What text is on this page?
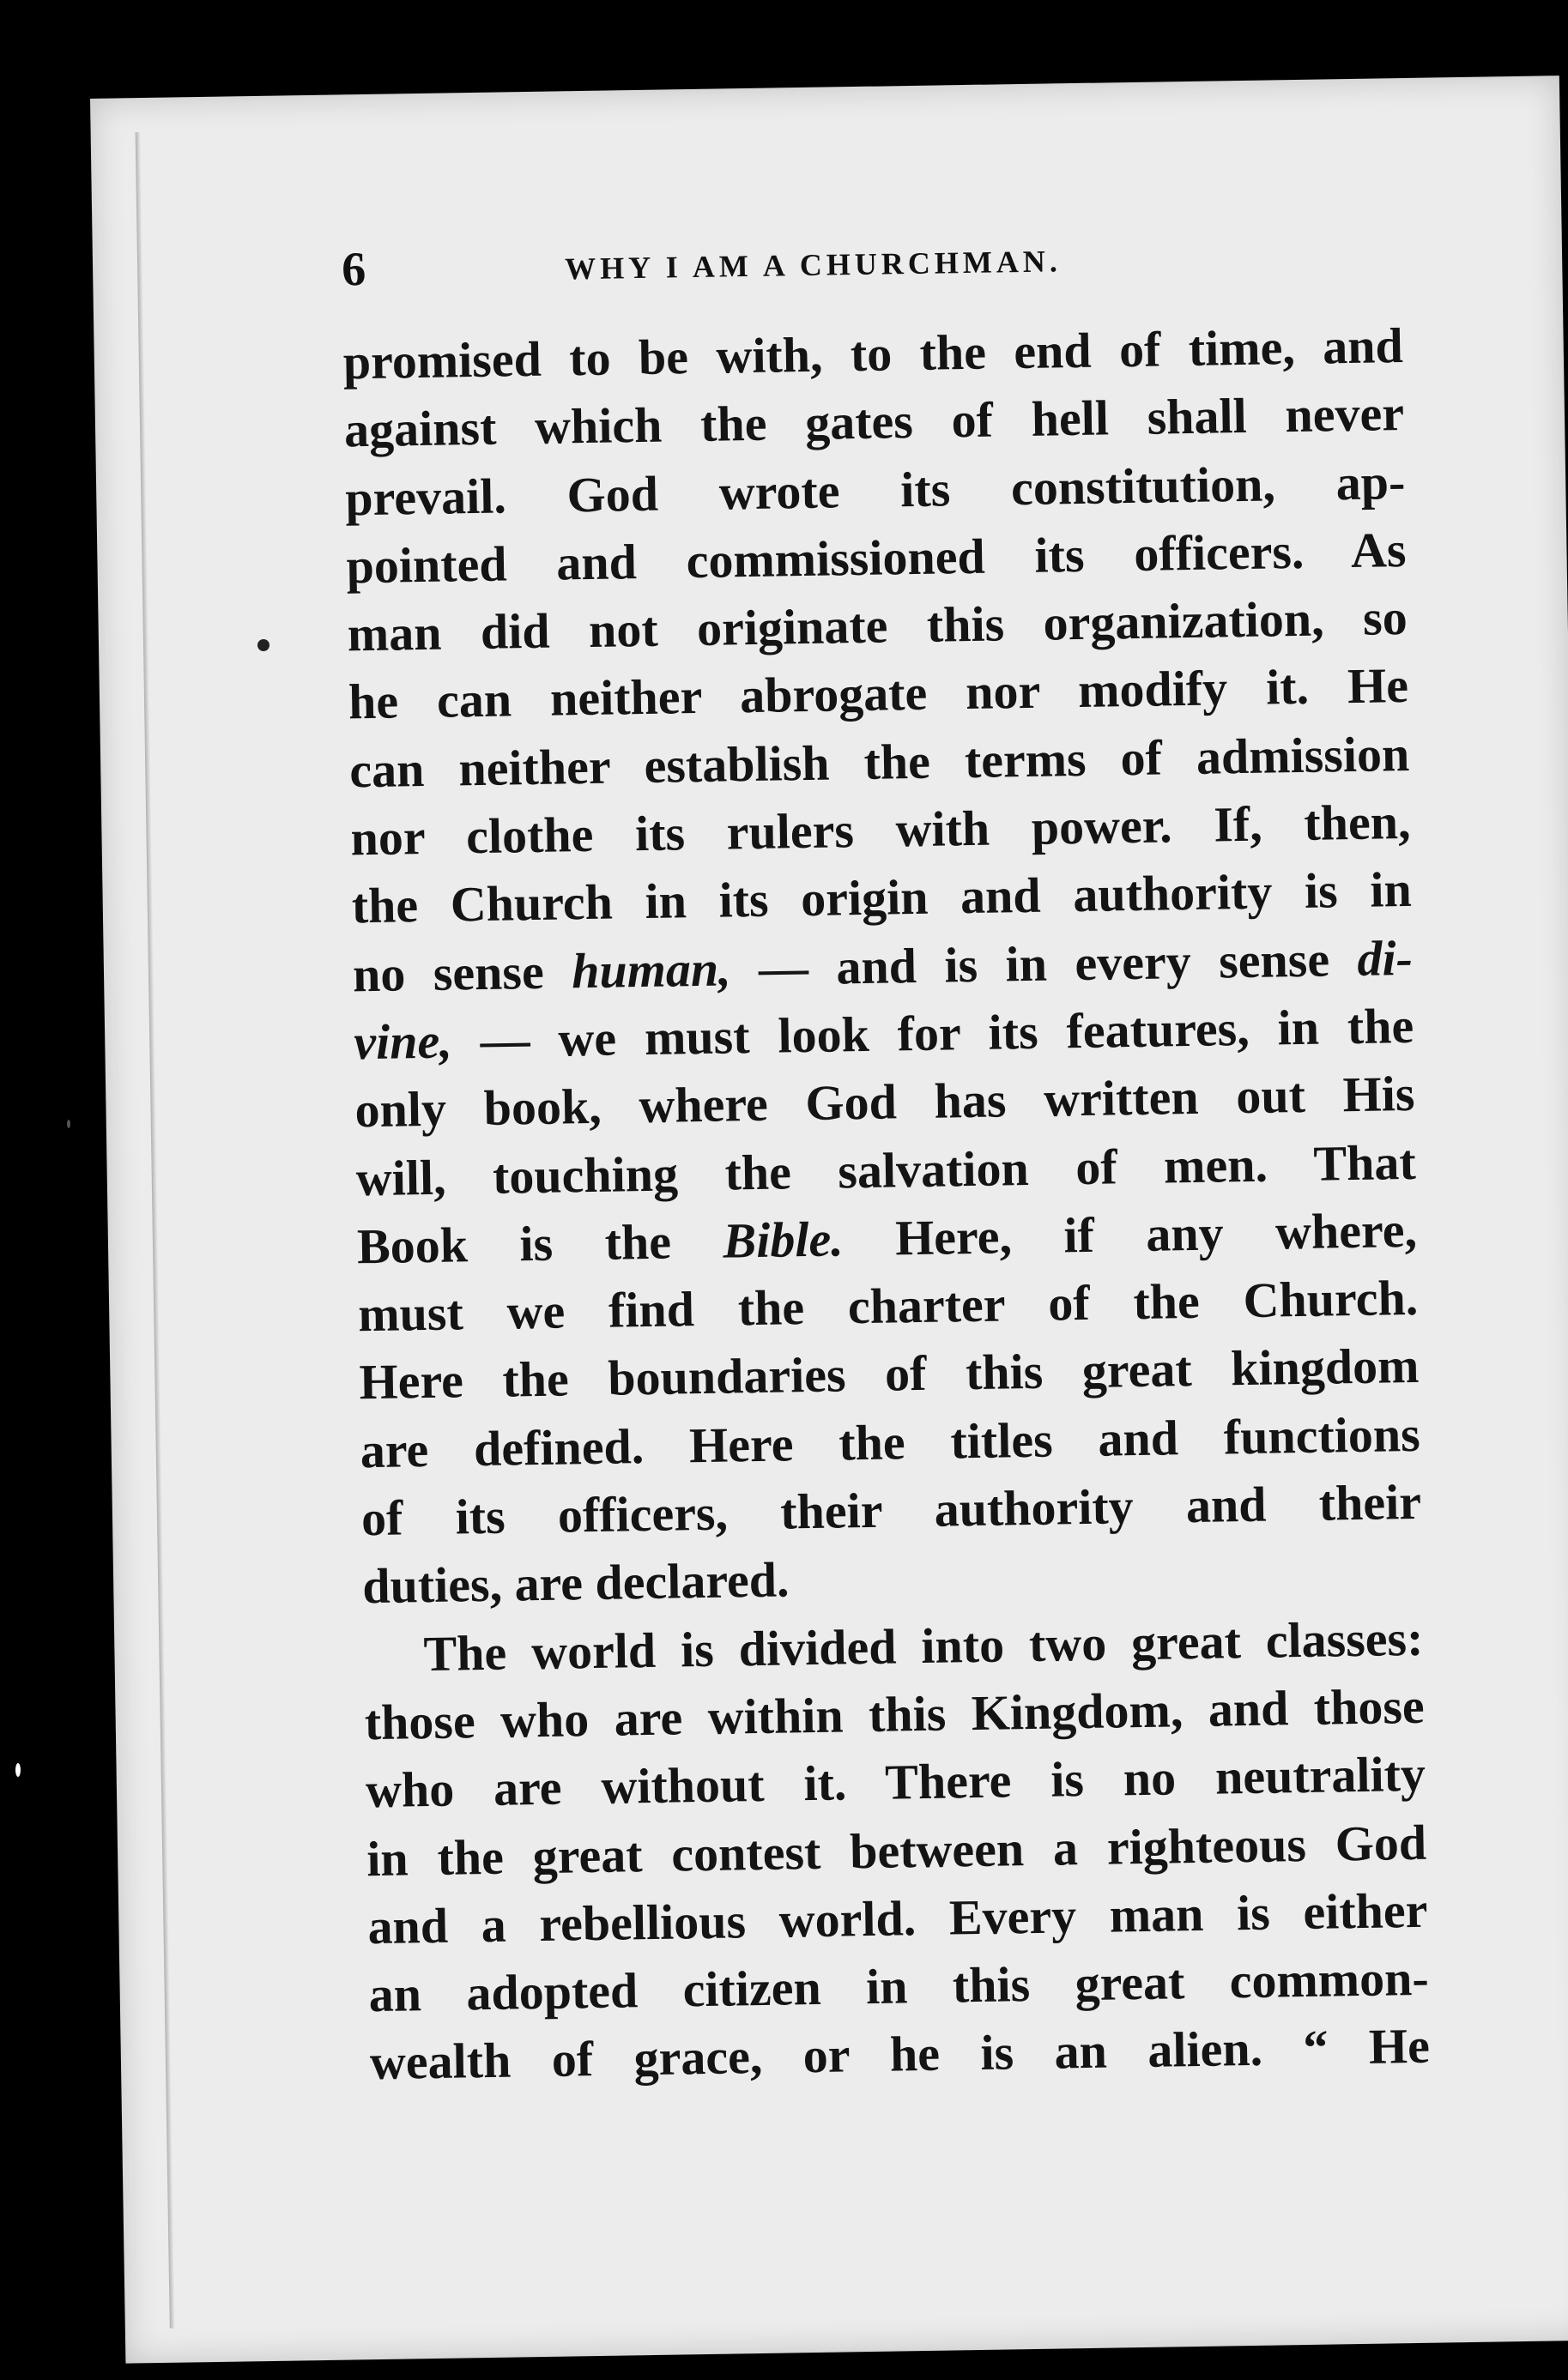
6	WHY I AM A CHURCHMAN.
promised to be with, to the end of time, and
against which the gates of hell shall never
prevail. God wrote its constitution, ap-
pointed and commissioned its officers. As
man did not originate this organization, so
he can neither abrogate nor modify it. He
can neither establish the terms of admission
nor clothe its rulers with power. If, then,
the Church in its origin and authority is in
no sense human, — and is in every sense di-
vine, — we must look for its features, in the
only book, where God has written out His
will, touching the salvation of men. That
Book is the Bible. Here, if any where,
must we find the charter of the Church.
Here the boundaries of this great kingdom
are defined. Here the titles and functions
of its officers, their authority and their
duties, are declared.
The world is divided into two great classes:
those who are within this Kingdom, and those
who are without it. There is no neutrality
in the great contest between a righteous God
and a rebellious world. Every man is either
an adopted citizen in this great common-
wealth of grace, or he is an alien. “ He
